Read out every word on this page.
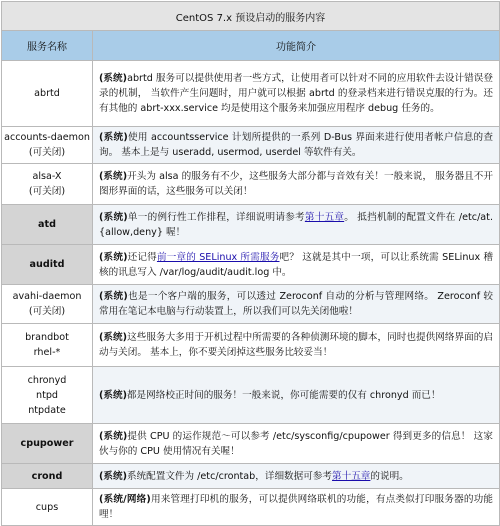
CentOS 7.x 预设启动的服务内容	
服务名称	功能简介

abrtd	(系统)abrtd 服务可以提供使用者一些方式，让使用者可以针对不同的应用软件去设计错误登录的机制， 当软件产生问题时，用户就可以根据 abrtd 的登录档来进行错误克服的行为。还有其他的 abrt-xxx.service 均是使用这个服务来加强应用程序 debug 任务的。

accounts-daemon
(可关闭)	(系统)使用 accountsservice 计划所提供的一系列 D-Bus 界面来进行使用者帐户信息的查询。 基本上是与 useradd, usermod, userdel 等软件有关。

alsa-X
(可关闭)	(系统)开头为 alsa 的服务有不少，这些服务大部分都与音效有关！一般来说， 服务器且不开图形界面的话，这些服务可以关闭！

atd	(系统)单一的例行性工作排程，详细说明请参考第十五章。 抵挡机制的配置文件在 /etc/at.{allow,deny} 喔！

auditd	(系统)还记得前一章的 SELinux 所需服务吧？ 这就是其中一项，可以让系统需 SELinux 稽核的讯息写入 /var/log/audit/audit.log 中。

avahi-daemon
(可关闭)	(系统)也是一个客户端的服务，可以透过 Zeroconf 自动的分析与管理网络。 Zeroconf 较常用在笔记本电脑与行动装置上，所以我们可以先关闭他啦！

brandbot
rhel-*	(系统)这些服务大多用于开机过程中所需要的各种侦测环境的脚本，同时也提供网络界面的启动与关闭。 基本上，你不要关闭掉这些服务比较妥当！

chronyd
ntpd
ntpdate	(系统)都是网络校正时间的服务！一般来说，你可能需要的仅有 chronyd 而已！

cpupower	(系统)提供 CPU 的运作规范～可以参考 /etc/sysconfig/cpupower 得到更多的信息！ 这家伙与你的 CPU 使用情况有关喔！

crond	(系统)系统配置文件为 /etc/crontab，详细数据可参考第十五章的说明。

cups	(系统/网络)用来管理打印机的服务，可以提供网络联机的功能，有点类似打印服务器的功能哩！
